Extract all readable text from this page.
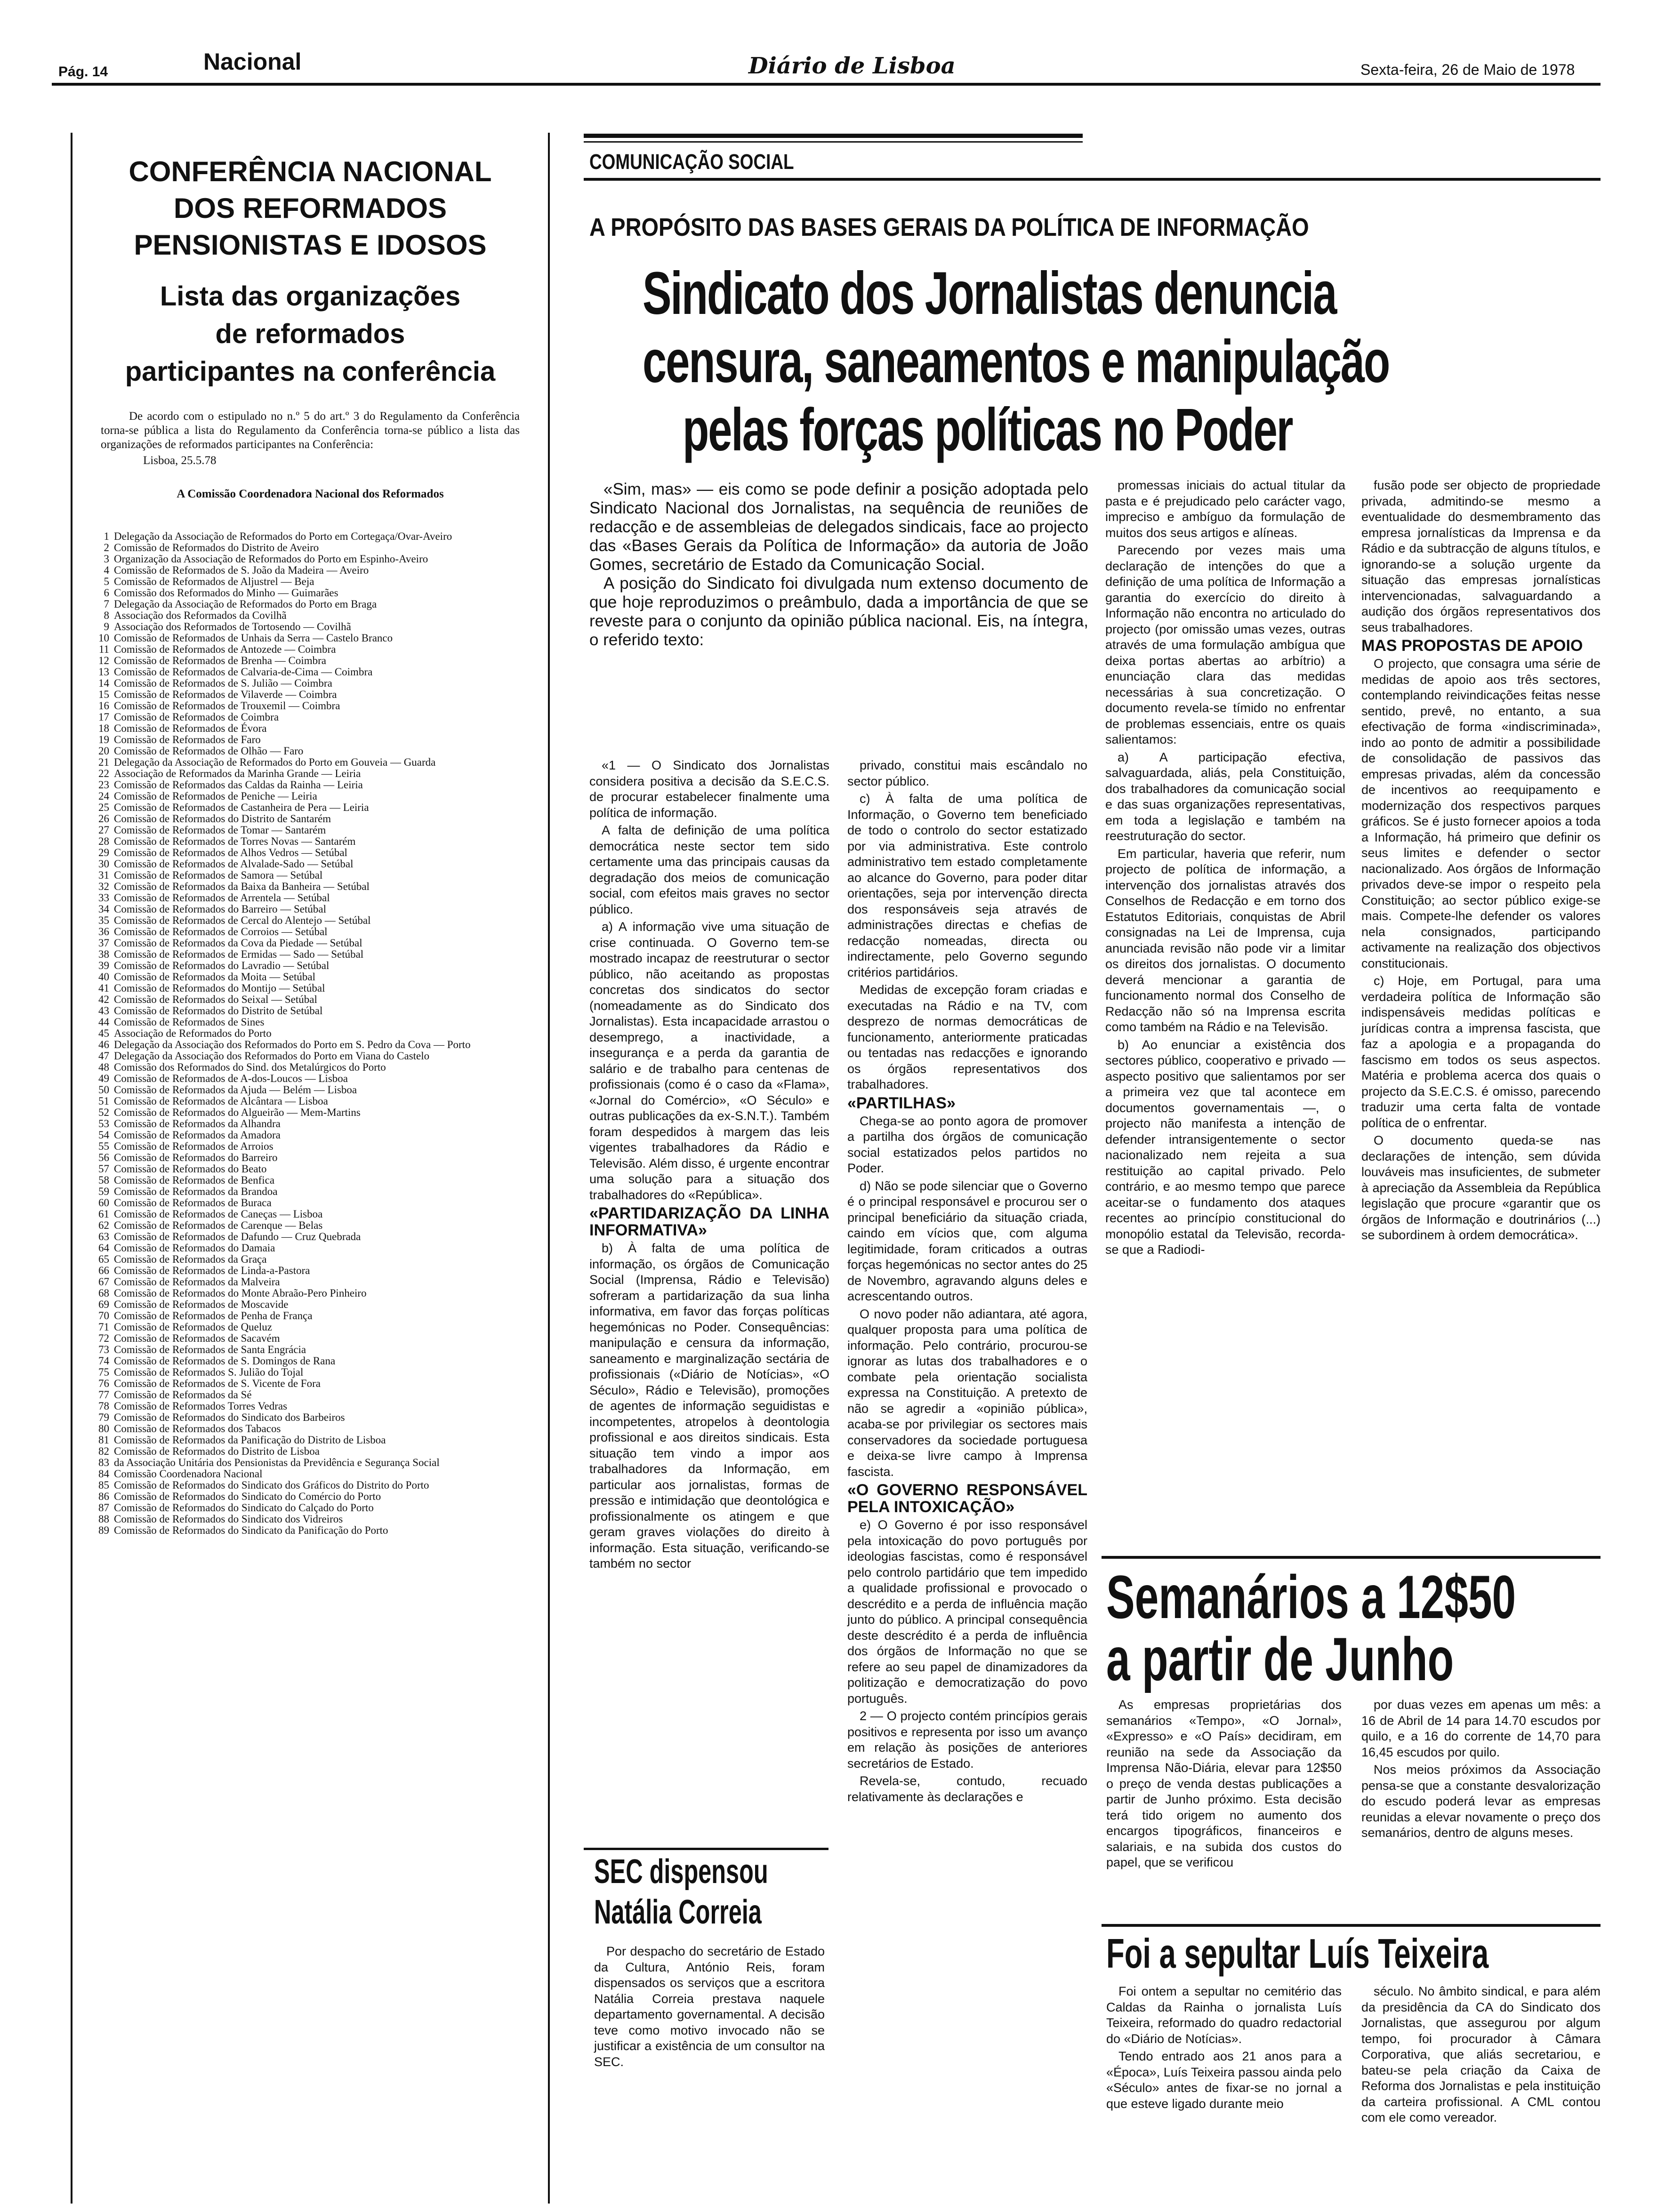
Pág. 14	Nacional	Diário de Lisboa	Sexta-feira, 26 de Maio de 1978
CONFERÊNCIA NACIONAL
DOS REFORMADOS
PENSIONISTAS E IDOSOS
Lista das organizações
de reformados
participantes na conferência
De acordo com o estipulado no n.º 5 do art.º 3 do Regulamento da Conferência torna-se pública a lista do Regulamento da Conferência torna-se público a lista das organizações de reformados participantes na Conferência:
Lisboa, 25.5.78
A Comissão Coordenadora Nacional dos Reformados
1 Delegação da Associação de Reformados do Porto em Cortegaça/Ovar-Aveiro
2 Comissão de Reformados do Distrito de Aveiro
3 Organização da Associação de Reformados do Porto em Espinho-Aveiro
4 Comissão de Reformados de S. João da Madeira — Aveiro
5 Comissão de Reformados de Aljustrel — Beja
6 Comissão dos Reformados do Minho — Guimarães
7 Delegação da Associação de Reformados do Porto em Braga
8 Associação dos Reformados da Covilhã
9 Associação dos Reformados de Tortosendo — Covilhã
10 Comissão de Reformados de Unhais da Serra — Castelo Branco
11 Comissão de Reformados de Antozede — Coimbra
12 Comissão de Reformados de Brenha — Coimbra
13 Comissão de Reformados de Calvaria-de-Cima — Coimbra
14 Comissão de Reformados de S. Julião — Coimbra
15 Comissão de Reformados de Vilaverde — Coimbra
16 Comissão de Reformados de Trouxemil — Coimbra
17 Comissão de Reformados de Coimbra
18 Comissão de Reformados de Évora
19 Comissão de Reformados de Faro
20 Comissão de Reformados de Olhão — Faro
21 Delegação da Associação de Reformados do Porto em Gouveia — Guarda
22 Associação de Reformados da Marinha Grande — Leiria
23 Comissão de Reformados das Caldas da Rainha — Leiria
24 Comissão de Reformados de Peniche — Leiria
25 Comissão de Reformados de Castanheira de Pera — Leiria
26 Comissão de Reformados do Distrito de Santarém
27 Comissão de Reformados de Tomar — Santarém
28 Comissão de Reformados de Torres Novas — Santarém
29 Comissão de Reformados de Alhos Vedros — Setúbal
30 Comissão de Reformados de Alvalade-Sado — Setúbal
31 Comissão de Reformados de Samora — Setúbal
32 Comissão de Reformados da Baixa da Banheira — Setúbal
33 Comissão de Reformados de Arrentela — Setúbal
34 Comissão de Reformados do Barreiro — Setúbal
35 Comissão de Reformados de Cercal do Alentejo — Setúbal
36 Comissão de Reformados de Corroios — Setúbal
37 Comissão de Reformados da Cova da Piedade — Setúbal
38 Comissão de Reformados de Ermidas — Sado — Setúbal
39 Comissão de Reformados do Lavradio — Setúbal
40 Comissão de Reformados da Moita — Setúbal
41 Comissão de Reformados do Montijo — Setúbal
42 Comissão de Reformados do Seixal — Setúbal
43 Comissão de Reformados do Distrito de Setúbal
44 Comissão de Reformados de Sines
45 Associação de Reformados do Porto
46 Delegação da Associação dos Reformados do Porto em S. Pedro da Cova — Porto
47 Delegação da Associação dos Reformados do Porto em Viana do Castelo
48 Comissão dos Reformados do Sind. dos Metalúrgicos do Porto
49 Comissão de Reformados de A-dos-Loucos — Lisboa
50 Comissão de Reformados da Ajuda — Belém — Lisboa
51 Comissão de Reformados de Alcântara — Lisboa
52 Comissão de Reformados do Algueirão — Mem-Martins
53 Comissão de Reformados da Alhandra
54 Comissão de Reformados da Amadora
55 Comissão de Reformados de Arroios
56 Comissão de Reformados do Barreiro
57 Comissão de Reformados do Beato
58 Comissão de Reformados de Benfica
59 Comissão de Reformados da Brandoa
60 Comissão de Reformados de Buraca
61 Comissão de Reformados de Caneças — Lisboa
62 Comissão de Reformados de Carenque — Belas
63 Comissão de Reformados de Dafundo — Cruz Quebrada
64 Comissão de Reformados do Damaia
65 Comissão de Reformados da Graça
66 Comissão de Reformados de Linda-a-Pastora
67 Comissão de Reformados da Malveira
68 Comissão de Reformados do Monte Abraão-Pero Pinheiro
69 Comissão de Reformados de Moscavide
70 Comissão de Reformados de Penha de França
71 Comissão de Reformados de Queluz
72 Comissão de Reformados de Sacavém
73 Comissão de Reformados de Santa Engrácia
74 Comissão de Reformados de S. Domingos de Rana
75 Comissão de Reformados S. Julião do Tojal
76 Comissão de Reformados de S. Vicente de Fora
77 Comissão de Reformados da Sé
78 Comissão de Reformados Torres Vedras
79 Comissão de Reformados do Sindicato dos Barbeiros
80 Comissão de Reformados dos Tabacos
81 Comissão de Reformados da Panificação do Distrito de Lisboa
82 Comissão de Reformados do Distrito de Lisboa
83 da Associação Unitária dos Pensionistas da Previdência e Segurança Social
84 Comissão Coordenadora Nacional
85 Comissão de Reformados do Sindicato dos Gráficos do Distrito do Porto
86 Comissão de Reformados do Sindicato do Comércio do Porto
87 Comissão de Reformados do Sindicato do Calçado do Porto
88 Comissão de Reformados do Sindicato dos Vidreiros
89 Comissão de Reformados do Sindicato da Panificação do Porto
COMUNICAÇÃO SOCIAL
A PROPÓSITO DAS BASES GERAIS DA POLÍTICA DE INFORMAÇÃO
Sindicato dos Jornalistas denuncia
censura, saneamentos e manipulação
pelas forças políticas no Poder

«Sim, mas» — eis como se pode definir a posição adoptada pelo Sindicato Nacional dos Jornalistas, na sequência de reuniões de redacção e de assembleias de delegados sindicais, face ao projecto das «Bases Gerais da Política de Informação» da autoria de João Gomes, secretário de Estado da Comunicação Social.

A posição do Sindicato foi divulgada num extenso documento de que hoje reproduzimos o preâmbulo, dada a importância de que se reveste para o conjunto da opinião pública nacional. Eis, na íntegra, o referido texto:

«1 — O Sindicato dos Jornalistas considera positiva a decisão da S.E.C.S. de procurar estabelecer finalmente uma política de informação.

A falta de definição de uma política democrática neste sector tem sido certamente uma das principais causas da degradação dos meios de comunicação social, com efeitos mais graves no sector público.

a) A informação vive uma situação de crise continuada. O Governo tem-se mostrado incapaz de reestruturar o sector público, não aceitando as propostas concretas dos sindicatos do sector (nomeadamente as do Sindicato dos Jornalistas). Esta incapacidade arrastou o desemprego, a inactividade, a insegurança e a perda da garantia de salário e de trabalho para centenas de profissionais (como é o caso da «Flama», «Jornal do Comércio», «O Século» e outras publicações da ex-S.N.T.). Também foram despedidos à margem das leis vigentes trabalhadores da Rádio e Televisão. Além disso, é urgente encontrar uma solução para a situação dos trabalhadores do «República».

«PARTIDARIZAÇÃO DA LINHA INFORMATIVA»

b) À falta de uma política de informação, os órgãos de Comunicação Social (Imprensa, Rádio e Televisão) sofreram a partidarização da sua linha informativa, em favor das forças políticas hegemónicas no Poder. Consequências: manipulação e censura da informação, saneamento e marginalização sectária de profissionais («Diário de Notícias», «O Século», Rádio e Televisão), promoções de agentes de informação seguidistas e incompetentes, atropelos à deontologia profissional e aos direitos sindicais. Esta situação tem vindo a impor aos trabalhadores da Informação, em particular aos jornalistas, formas de pressão e intimidação que deontológica e profissionalmente os atingem e que geram graves violações do direito à informação. Esta situação, verificando-se também no sector

privado, constitui mais escândalo no sector público.

c) À falta de uma política de Informação, o Governo tem beneficiado de todo o controlo do sector estatizado por via administrativa. Este controlo administrativo tem estado completamente ao alcance do Governo, para poder ditar orientações, seja por intervenção directa dos responsáveis seja através de administrações directas e chefias de redacção nomeadas, directa ou indirectamente, pelo Governo segundo critérios partidários.

Medidas de excepção foram criadas e executadas na Rádio e na TV, com desprezo de normas democráticas de funcionamento, anteriormente praticadas ou tentadas nas redacções e ignorando os órgãos representativos dos trabalhadores.

«PARTILHAS»

Chega-se ao ponto agora de promover a partilha dos órgãos de comunicação social estatizados pelos partidos no Poder.

d) Não se pode silenciar que o Governo é o principal responsável e procurou ser o principal beneficiário da situação criada, caindo em vícios que, com alguma legitimidade, foram criticados a outras forças hegemónicas no sector antes do 25 de Novembro, agravando alguns deles e acrescentando outros.

O novo poder não adiantara, até agora, qualquer proposta para uma política de informação. Pelo contrário, procurou-se ignorar as lutas dos trabalhadores e o combate pela orientação socialista expressa na Constituição. A pretexto de não se agredir a «opinião pública», acaba-se por privilegiar os sectores mais conservadores da sociedade portuguesa e deixa-se livre campo à Imprensa fascista.

«O GOVERNO RESPONSÁVEL PELA INTOXICAÇÃO»

e) O Governo é por isso responsável pela intoxicação do povo português por ideologias fascistas, como é responsável pelo controlo partidário que tem impedido a qualidade profissional e provocado o descrédito e a perda de influência mação junto do público. A principal consequência deste descrédito é a perda de influência dos órgãos de Informação no que se refere ao seu papel de dinamizadores da politização e democratização do povo português.

2 — O projecto contém princípios gerais positivos e representa por isso um avanço em relação às posições de anteriores secretários de Estado.

Revela-se, contudo, recuado relativamente às declarações e

promessas iniciais do actual titular da pasta e é prejudicado pelo carácter vago, impreciso e ambíguo da formulação de muitos dos seus artigos e alíneas.

Parecendo por vezes mais uma declaração de intenções do que a definição de uma política de Informação a garantia do exercício do direito à Informação não encontra no articulado do projecto (por omissão umas vezes, outras através de uma formulação ambígua que deixa portas abertas ao arbítrio) a enunciação clara das medidas necessárias à sua concretização. O documento revela-se tímido no enfrentar de problemas essenciais, entre os quais salientamos:

a) A participação efectiva, salvaguardada, aliás, pela Constituição, dos trabalhadores da comunicação social e das suas organizações representativas, em toda a legislação e também na reestruturação do sector.

Em particular, haveria que referir, num projecto de política de informação, a intervenção dos jornalistas através dos Conselhos de Redacção e em torno dos Estatutos Editoriais, conquistas de Abril consignadas na Lei de Imprensa, cuja anunciada revisão não pode vir a limitar os direitos dos jornalistas. O documento deverá mencionar a garantia de funcionamento normal dos Conselho de Redacção não só na Imprensa escrita como também na Rádio e na Televisão.

b) Ao enunciar a existência dos sectores público, cooperativo e privado — aspecto positivo que salientamos por ser a primeira vez que tal acontece em documentos governamentais —, o projecto não manifesta a intenção de defender intransigentemente o sector nacionalizado nem rejeita a sua restituição ao capital privado. Pelo contrário, e ao mesmo tempo que parece aceitar-se o fundamento dos ataques recentes ao princípio constitucional do monopólio estatal da Televisão, recorda-se que a Radiodi-

fusão pode ser objecto de propriedade privada, admitindo-se mesmo a eventualidade do desmembramento das empresa jornalísticas da Imprensa e da Rádio e da subtracção de alguns títulos, e ignorando-se a solução urgente da situação das empresas jornalísticas intervencionadas, salvaguardando a audição dos órgãos representativos dos seus trabalhadores.

MAS PROPOSTAS DE APOIO

O projecto, que consagra uma série de medidas de apoio aos três sectores, contemplando reivindicações feitas nesse sentido, prevê, no entanto, a sua efectivação de forma «indiscriminada», indo ao ponto de admitir a possibilidade de consolidação de passivos das empresas privadas, além da concessão de incentivos ao reequipamento e modernização dos respectivos parques gráficos. Se é justo fornecer apoios a toda a Informação, há primeiro que definir os seus limites e defender o sector nacionalizado. Aos órgãos de Informação privados deve-se impor o respeito pela Constituição; ao sector público exige-se mais. Compete-lhe defender os valores nela consignados, participando activamente na realização dos objectivos constitucionais.

c) Hoje, em Portugal, para uma verdadeira política de Informação são indispensáveis medidas políticas e jurídicas contra a imprensa fascista, que faz a apologia e a propaganda do fascismo em todos os seus aspectos. Matéria e problema acerca dos quais o projecto da S.E.C.S. é omisso, parecendo traduzir uma certa falta de vontade política de o enfrentar.

O documento queda-se nas declarações de intenção, sem dúvida louváveis mas insuficientes, de submeter à apreciação da Assembleia da República legislação que procure «garantir que os órgãos de Informação e doutrinários (...) se subordinem à ordem democrática».

SEC dispensou
Natália Correia

Por despacho do secretário de Estado da Cultura, António Reis, foram dispensados os serviços que a escritora Natália Correia prestava naquele departamento governamental. A decisão teve como motivo invocado não se justificar a existência de um consultor na SEC.

Semanários a 12$50
a partir de Junho

As empresas proprietárias dos semanários «Tempo», «O Jornal», «Expresso» e «O País» decidiram, em reunião na sede da Associação da Imprensa Não-Diária, elevar para 12$50 o preço de venda destas publicações a partir de Junho próximo. Esta decisão terá tido origem no aumento dos encargos tipográficos, financeiros e salariais, e na subida dos custos do papel, que se verificou

por duas vezes em apenas um mês: a 16 de Abril de 14 para 14.70 escudos por quilo, e a 16 do corrente de 14,70 para 16,45 escudos por quilo.

Nos meios próximos da Associação pensa-se que a constante desvalorização do escudo poderá levar as empresas reunidas a elevar novamente o preço dos semanários, dentro de alguns meses.

Foi a sepultar Luís Teixeira

Foi ontem a sepultar no cemitério das Caldas da Rainha o jornalista Luís Teixeira, reformado do quadro redactorial do «Diário de Notícias».

Tendo entrado aos 21 anos para a «Época», Luís Teixeira passou ainda pelo «Século» antes de fixar-se no jornal a que esteve ligado durante meio

século. No âmbito sindical, e para além da presidência da CA do Sindicato dos Jornalistas, que assegurou por algum tempo, foi procurador à Câmara Corporativa, que aliás secretariou, e bateu-se pela criação da Caixa de Reforma dos Jornalistas e pela instituição da carteira profissional. A CML contou com ele como vereador.
